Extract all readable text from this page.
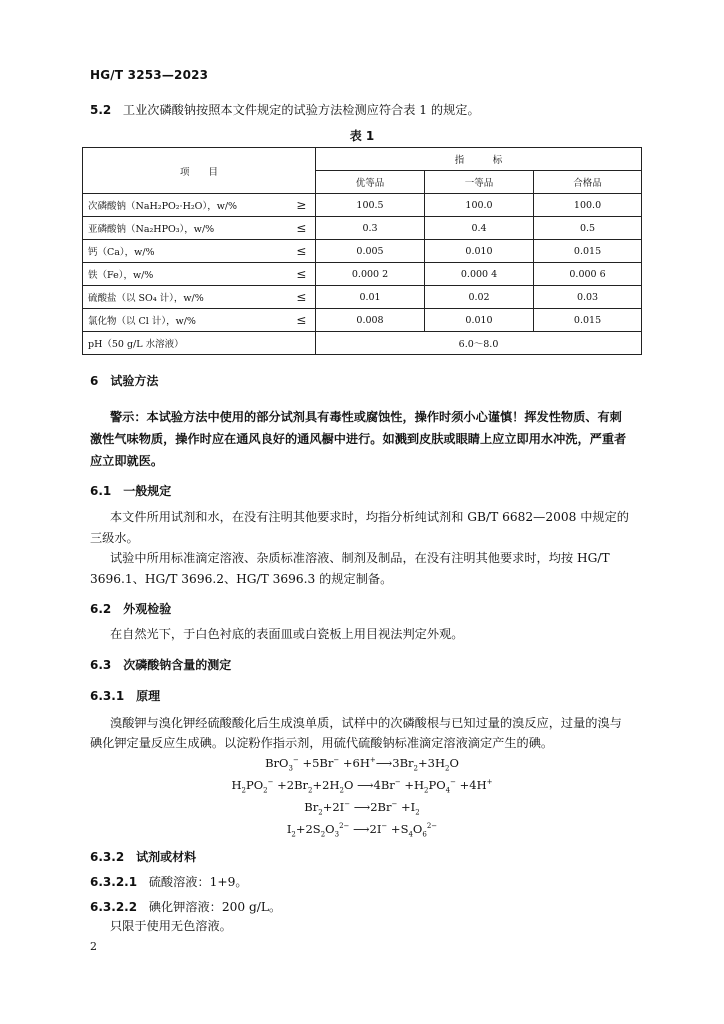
HG/T 3253—2023
5.2 工业次磷酸钠按照本文件规定的试验方法检测应符合表 1 的规定。
表 1
项　　目		指　　　标		
		优等品	一等品	合格品
次磷酸钠（NaH₂PO₂·H₂O），w/%	≥	100.5	100.0	100.0
亚磷酸钠（Na₂HPO₃），w/%	≤	0.3	0.4	0.5
钙（Ca），w/%	≤	0.005	0.010	0.015
铁（Fe），w/%	≤	0.000 2	0.000 4	0.000 6
硫酸盐（以 SO₄ 计），w/%	≤	0.01	0.02	0.03
氯化物（以 Cl 计），w/%	≤	0.008	0.010	0.015
pH（50 g/L 水溶液）		6.0～8.0		
6　试验方法
警示：本试验方法中使用的部分试剂具有毒性或腐蚀性，操作时须小心谨慎！挥发性物质、有刺
激性气味物质，操作时应在通风良好的通风橱中进行。如溅到皮肤或眼睛上应立即用水冲洗，严重者
应立即就医。
6.1　一般规定
本文件所用试剂和水，在没有注明其他要求时，均指分析纯试剂和 GB/T 6682—2008 中规定的
三级水。
试验中所用标准滴定溶液、杂质标准溶液、制剂及制品，在没有注明其他要求时，均按 HG/T
3696.1、HG/T 3696.2、HG/T 3696.3 的规定制备。
6.2　外观检验
在自然光下，于白色衬底的表面皿或白瓷板上用目视法判定外观。
6.3　次磷酸钠含量的测定
6.3.1　原理
溴酸钾与溴化钾经硫酸酸化后生成溴单质，试样中的次磷酸根与已知过量的溴反应，过量的溴与
碘化钾定量反应生成碘。以淀粉作指示剂，用硫代硫酸钠标准滴定溶液滴定产生的碘。
$BrO_3^- +5Br^- +6H^+⟶3Br_2+3H_2O$
$H_2PO_2^- +2Br_2+2H_2O$ ⟶4Br− $+H_2PO_4^- +4H^+$
$Br_2+2I^-$ ⟶2Br− $+I_2$
$I_2+2S_2O_3^{2-}$ ⟶2I− $+S_4O_6^{2-}$
6.3.2　试剂或材料
6.3.2.1 硫酸溶液：1+9。
6.3.2.2 碘化钾溶液：200 g/L。
只限于使用无色溶液。
2
